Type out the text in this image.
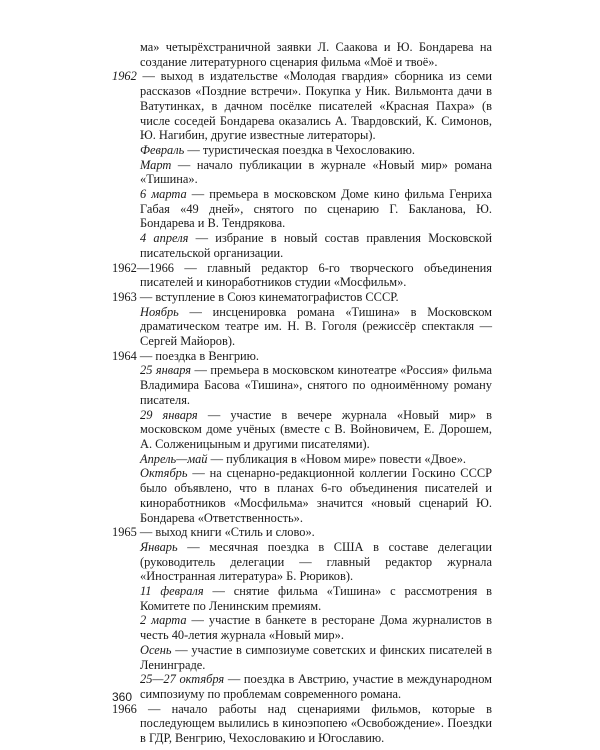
ма» четырёхстраничной заявки Л. Саакова и Ю. Бондарева на создание литературного сценария фильма «Моё и твоё».

1962 — выход в издательстве «Молодая гвардия» сборника из семи рассказов «Поздние встречи». Покупка у Ник. Вильмонта дачи в Ватутинках, в дачном посёлке писателей «Красная Пахра» (в числе соседей Бондарева оказались А. Твардовский, К. Симонов, Ю. Нагибин, другие известные литераторы).

Февраль — туристическая поездка в Чехословакию.

Март — начало публикации в журнале «Новый мир» романа «Тишина».

6 марта — премьера в московском Доме кино фильма Генриха Габая «49 дней», снятого по сценарию Г. Бакланова, Ю. Бондарева и В. Тендрякова.

4 апреля — избрание в новый состав правления Московской писательской организации.

1962—1966 — главный редактор 6-го творческого объединения писателей и киноработников студии «Мосфильм».

1963 — вступление в Союз кинематографистов СССР.

Ноябрь — инсценировка романа «Тишина» в Московском драматическом театре им. Н. В. Гоголя (режиссёр спектакля — Сергей Майоров).

1964 — поездка в Венгрию.

25 января — премьера в московском кинотеатре «Россия» фильма Владимира Басова «Тишина», снятого по одноимённому роману писателя.

29 января — участие в вечере журнала «Новый мир» в московском доме учёных (вместе с В. Войновичем, Е. Дорошем, А. Солженицыным и другими писателями).

Апрель—май — публикация в «Новом мире» повести «Двое».

Октябрь — на сценарно-редакционной коллегии Госкино СССР было объявлено, что в планах 6-го объединения писателей и киноработников «Мосфильма» значится «новый сценарий Ю. Бондарева «Ответственность».

1965 — выход книги «Стиль и слово».

Январь — месячная поездка в США в составе делегации (руководитель делегации — главный редактор журнала «Иностранная литература» Б. Рюриков).

11 февраля — снятие фильма «Тишина» с рассмотрения в Комитете по Ленинским премиям.

2 марта — участие в банкете в ресторане Дома журналистов в честь 40-летия журнала «Новый мир».

Осень — участие в симпозиуме советских и финских писателей в Ленинграде.

25—27 октября — поездка в Австрию, участие в международном симпозиуму по проблемам современного романа.

1966 — начало работы над сценариями фильмов, которые в последующем вылились в киноэпопею «Освобождение». Поездки в ГДР, Венгрию, Чехословакию и Югославию.

360
